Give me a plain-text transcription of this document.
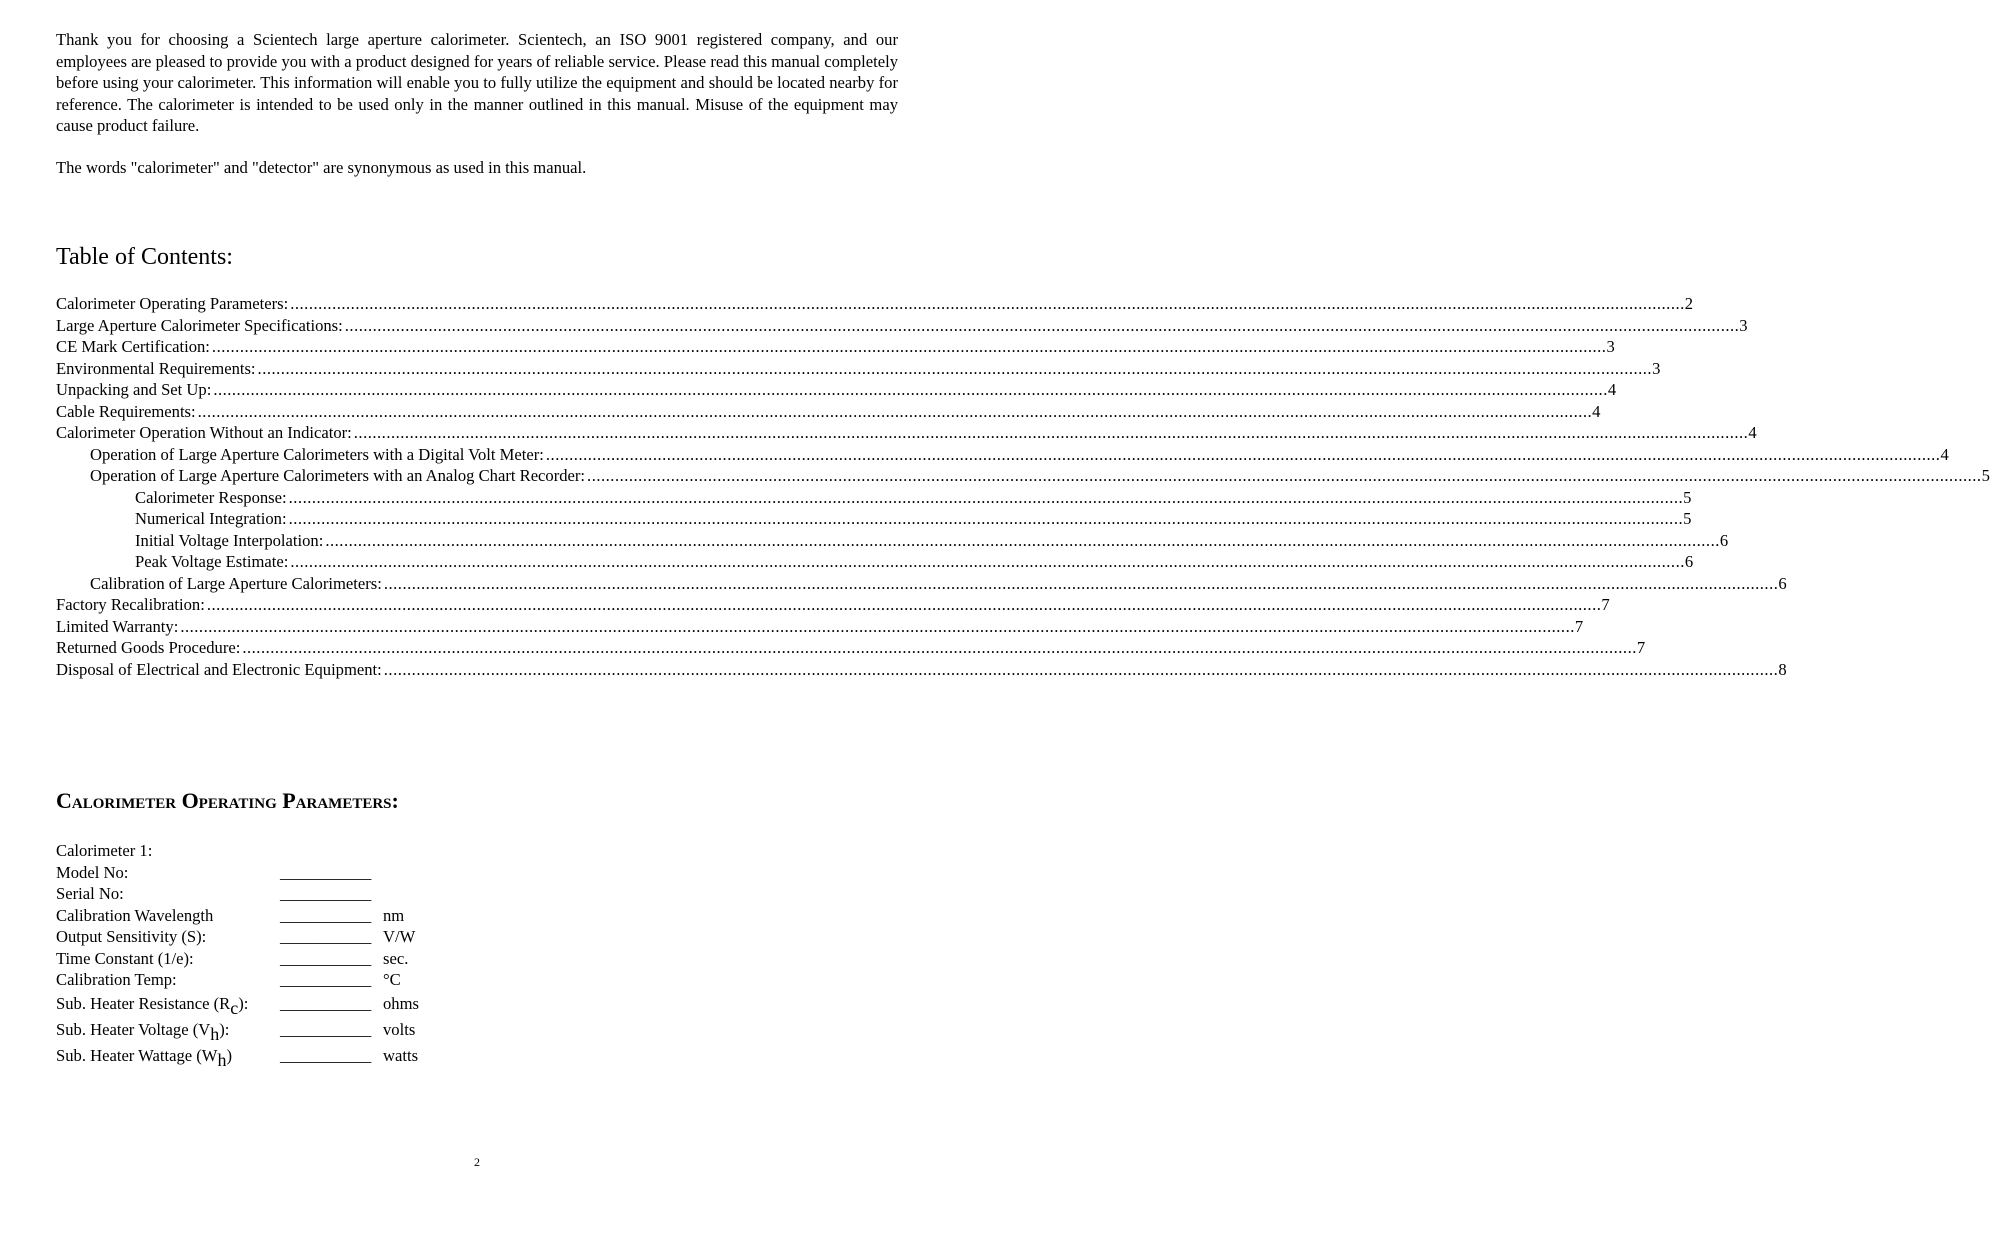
Thank you for choosing a Scientech large aperture calorimeter. Scientech, an ISO 9001 registered company, and our employees are pleased to provide you with a product designed for years of reliable service. Please read this manual completely before using your calorimeter. This information will enable you to fully utilize the equipment and should be located nearby for reference. The calorimeter is intended to be used only in the manner outlined in this manual. Misuse of the equipment may cause product failure.

The words "calorimeter" and "detector" are synonymous as used in this manual.

Table of Contents:
Calorimeter Operating Parameters: ............................................................................................................................................................................................................................................................................................................ 2
Large Aperture Calorimeter Specifications: ............................................................................................................................................................................................................................................................................................................ 3
CE Mark Certification: ............................................................................................................................................................................................................................................................................................................ 3
Environmental Requirements: ............................................................................................................................................................................................................................................................................................................ 3
Unpacking and Set Up: ............................................................................................................................................................................................................................................................................................................ 4
Cable Requirements: ............................................................................................................................................................................................................................................................................................................ 4
Calorimeter Operation Without an Indicator: ............................................................................................................................................................................................................................................................................................................ 4
Operation of Large Aperture Calorimeters with a Digital Volt Meter: ............................................................................................................................................................................................................................................................................................................ 4
Operation of Large Aperture Calorimeters with an Analog Chart Recorder: ............................................................................................................................................................................................................................................................................................................ 5
Calorimeter Response: ............................................................................................................................................................................................................................................................................................................ 5
Numerical Integration: ............................................................................................................................................................................................................................................................................................................ 5
Initial Voltage Interpolation: ............................................................................................................................................................................................................................................................................................................ 6
Peak Voltage Estimate: ............................................................................................................................................................................................................................................................................................................ 6
Calibration of Large Aperture Calorimeters: ............................................................................................................................................................................................................................................................................................................ 6
Factory Recalibration: ............................................................................................................................................................................................................................................................................................................ 7
Limited Warranty: ............................................................................................................................................................................................................................................................................................................ 7
Returned Goods Procedure: ............................................................................................................................................................................................................................................................................................................ 7
Disposal of Electrical and Electronic Equipment: ............................................................................................................................................................................................................................................................................................................ 8
Calorimeter Operating Parameters:
Calorimeter 1:
Model No:	___________
Serial No:	___________
Calibration Wavelength	___________ nm
Output Sensitivity (S):	___________ V/W
Time Constant (1/e):	___________ sec.
Calibration Temp:	___________ °C
Sub. Heater Resistance (Rc):	___________ ohms
Sub. Heater Voltage (Vh):	___________ volts
Sub. Heater Wattage (Wh)	___________ watts
2
